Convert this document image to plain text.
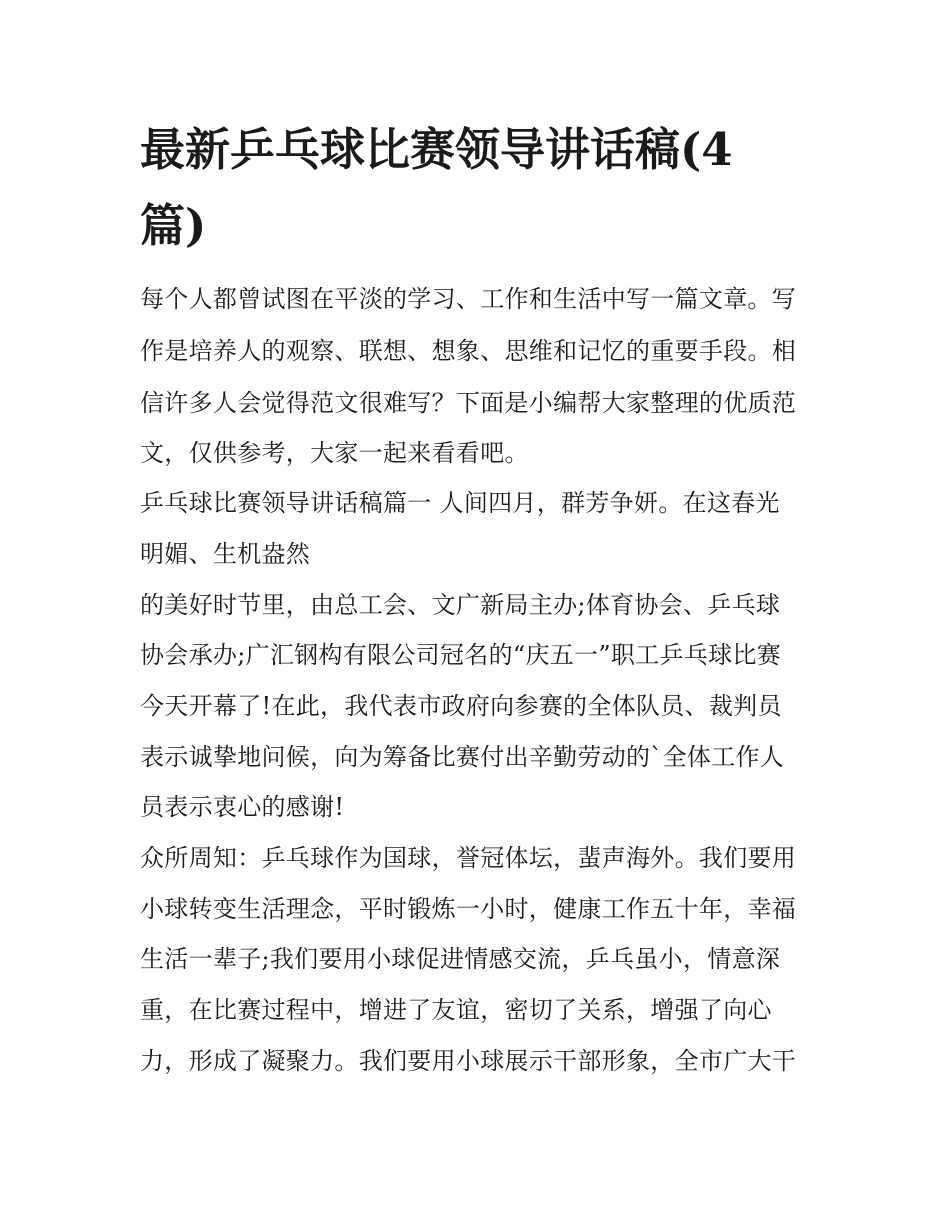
最新乒乓球比赛领导讲话稿(4
篇)

每个人都曾试图在平淡的学习、工作和生活中写一篇文章。写

作是培养人的观察、联想、想象、思维和记忆的重要手段。相

信许多人会觉得范文很难写？下面是小编帮大家整理的优质范

文，仅供参考，大家一起来看看吧。

乒乓球比赛领导讲话稿篇一 人间四月，群芳争妍。在这春光

明媚、生机盎然

的美好时节里，由总工会、文广新局主办;体育协会、乒乓球

协会承办;广汇钢构有限公司冠名的“庆五一”职工乒乓球比赛

今天开幕了!在此，我代表市政府向参赛的全体队员、裁判员

表示诚挚地问候，向为筹备比赛付出辛勤劳动的`全体工作人

员表示衷心的感谢!

众所周知：乒乓球作为国球，誉冠体坛，蜚声海外。我们要用

小球转变生活理念，平时锻炼一小时，健康工作五十年，幸福

生活一辈子;我们要用小球促进情感交流，乒乓虽小，情意深

重，在比赛过程中，增进了友谊，密切了关系，增强了向心

力，形成了凝聚力。我们要用小球展示干部形象，全市广大干
